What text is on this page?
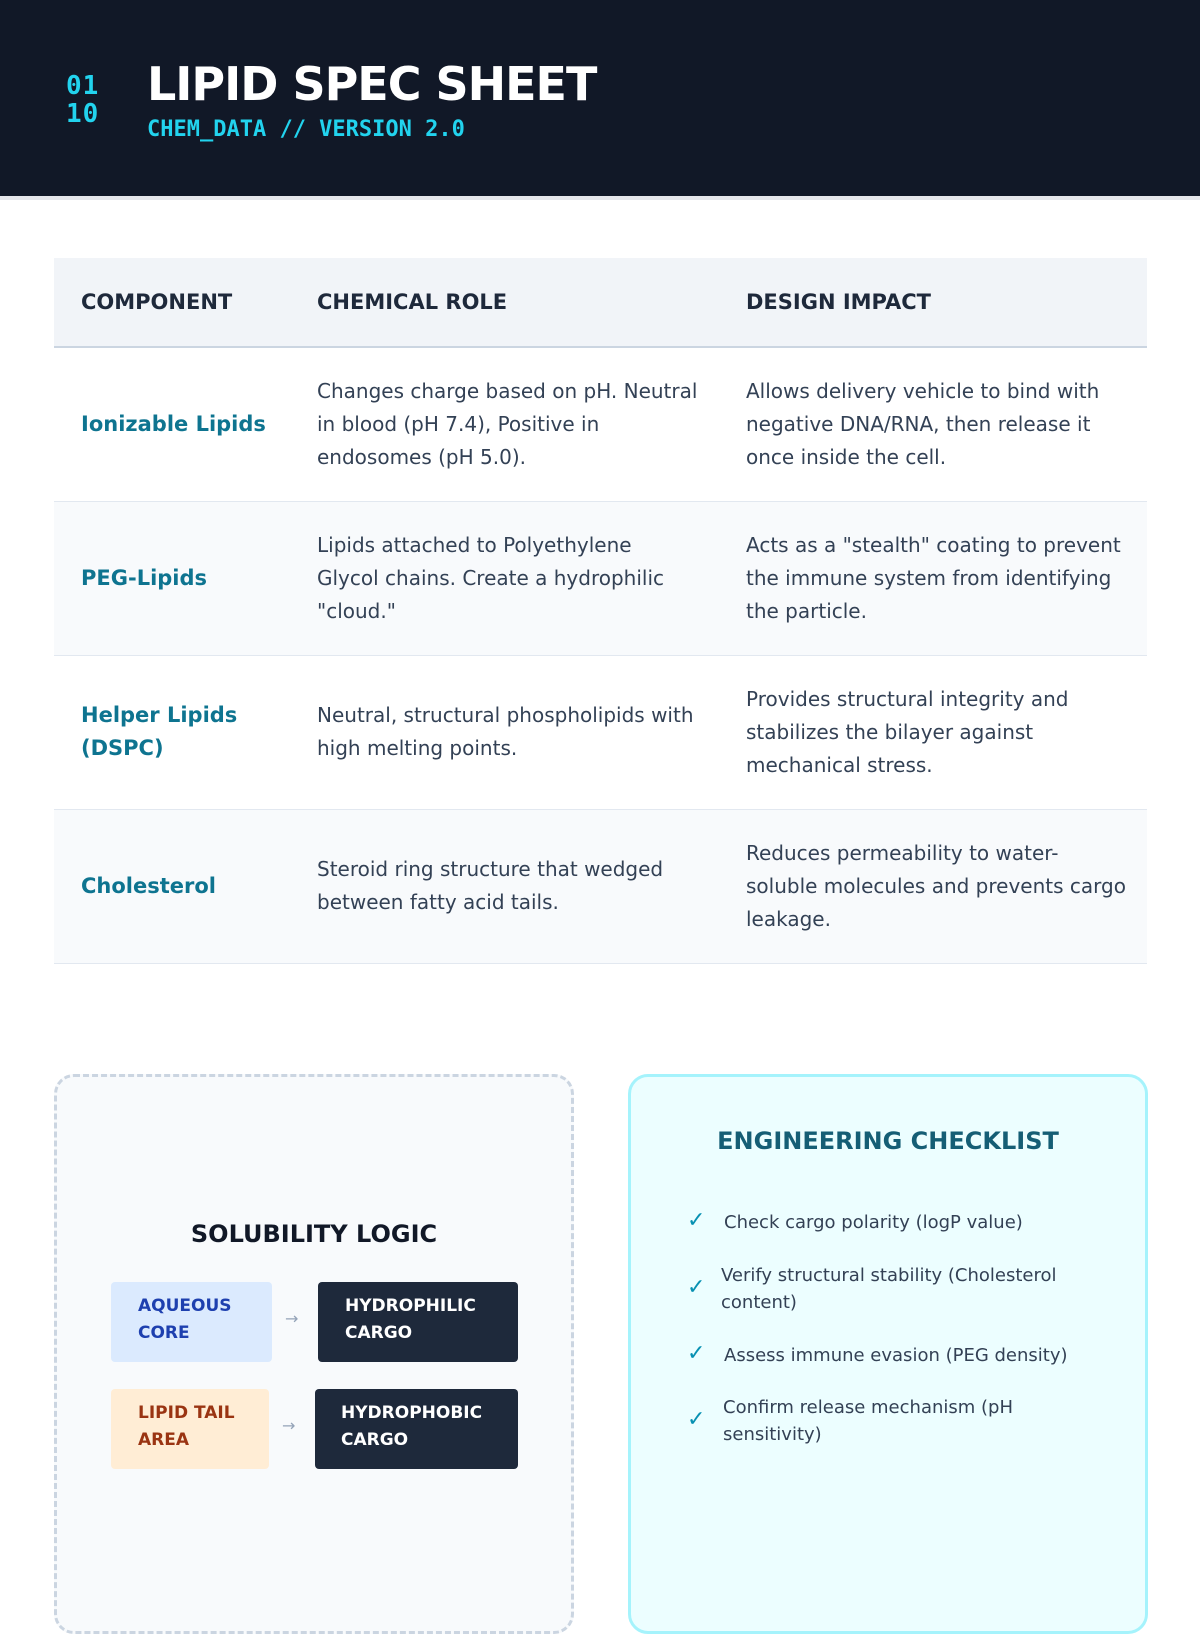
01
10
LIPID SPEC SHEET
CHEM_DATA // VERSION 2.0
COMPONENT	CHEMICAL ROLE	DESIGN IMPACT
Ionizable Lipids	Changes charge based on pH. Neutral in blood (pH 7.4), Positive in endosomes (pH 5.0).	Allows delivery vehicle to bind with negative DNA/RNA, then release it once inside the cell.
PEG-Lipids	Lipids attached to Polyethylene Glycol chains. Create a hydrophilic "cloud."	Acts as a "stealth" coating to prevent the immune system from identifying the particle.
Helper Lipids (DSPC)	Neutral, structural phospholipids with high melting points.	Provides structural integrity and stabilizes the bilayer against mechanical stress.
Cholesterol	Steroid ring structure that wedged between fatty acid tails.	Reduces permeability to water-soluble molecules and prevents cargo leakage.
SOLUBILITY LOGIC
AQUEOUS CORE
→
HYDROPHILIC CARGO
LIPID TAIL AREA
→
HYDROPHOBIC CARGO
ENGINEERING CHECKLIST
✓ Check cargo polarity (logP value)
✓ Verify structural stability (Cholesterol content)
✓ Assess immune evasion (PEG density)
✓ Confirm release mechanism (pH sensitivity)
